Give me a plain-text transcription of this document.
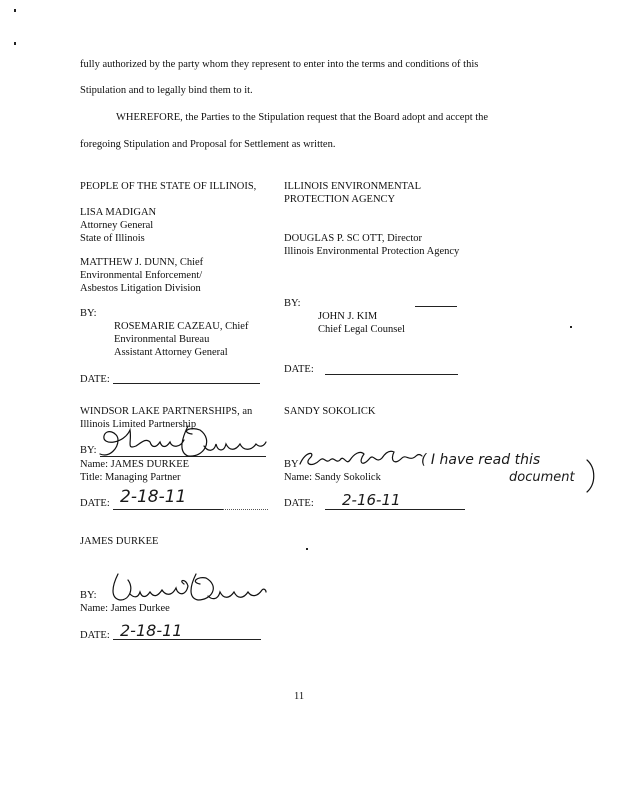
fully authorized by the party whom they represent to enter into the terms and conditions of this
Stipulation and to legally bind them to it.
WHEREFORE, the Parties to the Stipulation request that the Board adopt and accept the
foregoing Stipulation and Proposal for Settlement as written.
PEOPLE OF THE STATE OF ILLINOIS,
LISA MADIGAN
Attorney General
State of Illinois
MATTHEW J. DUNN, Chief
Environmental Enforcement/
Asbestos Litigation Division
BY:
ROSEMARIE CAZEAU, Chief
Environmental Bureau
Assistant Attorney General
DATE:
ILLINOIS ENVIRONMENTAL
PROTECTION AGENCY
DOUGLAS P. SC OTT, Director
Illinois Environmental Protection Agency
BY:
JOHN J. KIM
Chief Legal Counsel
DATE:
WINDSOR LAKE PARTNERSHIPS, an
Illinois Limited Partnership
BY:
Name: JAMES DURKEE
Title: Managing Partner
DATE: 2-18-11
SANDY SOKOLICK
BY	( I have read this
document
Name: Sandy Sokolick
DATE: 2-16-11
JAMES DURKEE
BY:
Name: James Durkee
DATE: 2-18-11
11
